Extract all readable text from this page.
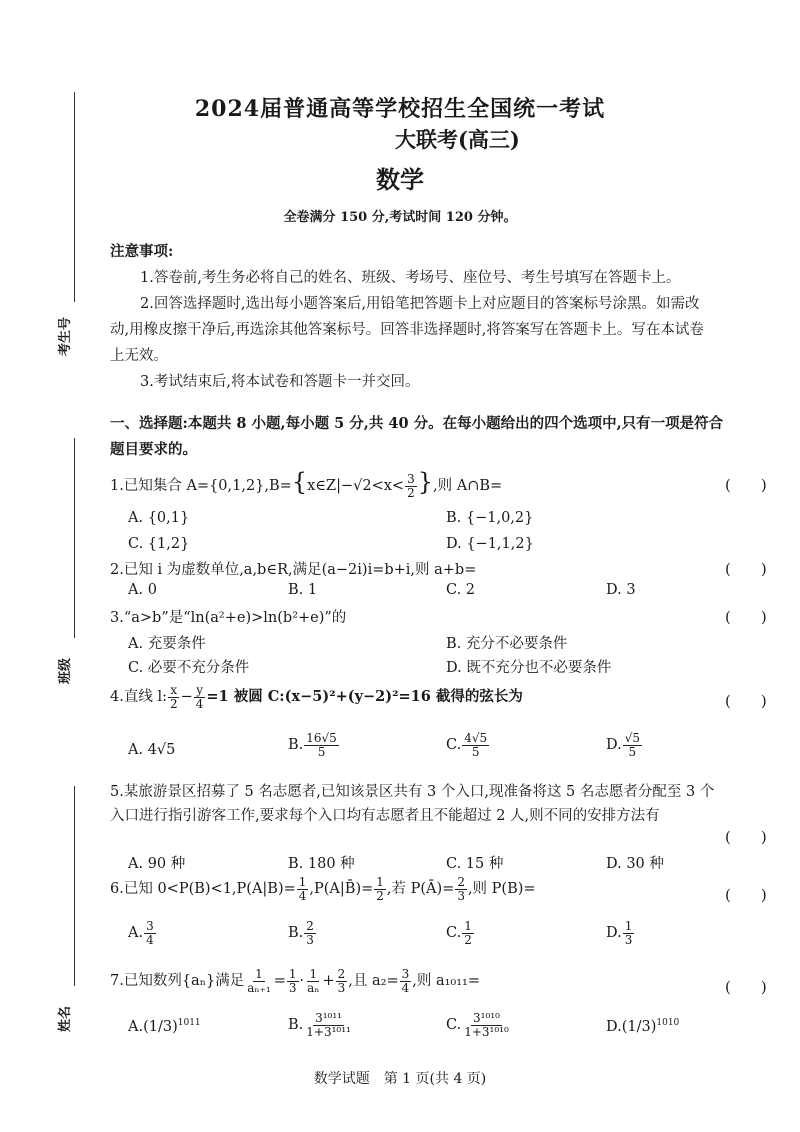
考生号
班级
姓名
2024届普通高等学校招生全国统一考试
大联考(高三)
数学
全卷满分 150 分,考试时间 120 分钟。
注意事项:
1.答卷前,考生务必将自己的姓名、班级、考场号、座位号、考生号填写在答题卡上。
2.回答选择题时,选出每小题答案后,用铅笔把答题卡上对应题目的答案标号涂黑。如需改
动,用橡皮擦干净后,再选涂其他答案标号。回答非选择题时,将答案写在答题卡上。写在本试卷
上无效。
3.考试结束后,将本试卷和答题卡一并交回。
一、选择题:本题共 8 小题,每小题 5 分,共 40 分。在每小题给出的四个选项中,只有一项是符合
题目要求的。
1.已知集合 A={0,1,2},B={x∈Z|−√2<x< $\frac{3}{2}$ },则 A∩B=	(　　)
A. {0,1}	B. {−1,0,2}
C. {1,2}	D. {−1,1,2}
2.已知 i 为虚数单位,a,b∈R,满足(a−2i)i=b+i,则 a+b=	(　　)
A. 0	B. 1	C. 2	D. 3
3.“a>b”是“ln(a²+e)>ln(b²+e)”的	(　　)
A. 充要条件	B. 充分不必要条件
C. 必要不充分条件	D. 既不充分也不必要条件
4.直线 l: $\frac{x}{2} - \frac{y}{4} =1$ 被圆 C:(x−5)²+(y−2)²=16 截得的弦长为	(　　)
A. 4√5	B. $\frac{16√5}{5}$	C. $\frac{4√5}{5}$	D. $\frac{√5}{5}$
5.某旅游景区招募了 5 名志愿者,已知该景区共有 3 个入口,现准备将这 5 名志愿者分配至 3 个
入口进行指引游客工作,要求每个入口均有志愿者且不能超过 2 人,则不同的安排方法有
(　　)
A. 90 种	B. 180 种	C. 15 种	D. 30 种
6.已知 $0<P(B)<1,P(A|B)= \frac{1}{4}$ ,P(A|B̄)= $\frac{1}{2}$ ,若 P(Ā)= $\frac{2}{3}$ ,则 P(B)=	(　　)
A. $\frac{3}{4}$	B. $\frac{2}{3}$	C. $\frac{1}{2}$	D. $\frac{1}{3}$
7.已知数列{aₙ}满足 $\frac{1}{\text{aₙ₊₁}} = \frac{1}{3} \cdot \frac{1}{\text{aₙ}} + \frac{2}{3}$ ,且 $a_2= \frac{3}{4}$ ,则 a₁₀₁₁=	(　　)
$A.(1/3)^{1011}$	B. $\frac{\text{3¹⁰¹¹}}{\text{1+3¹⁰¹¹}}$	C. $\frac{\text{3¹⁰¹⁰}}{\text{1+3¹⁰¹⁰}}$	$D.(1/3)^{1010}$
数学试题　第 1 页(共 4 页)
